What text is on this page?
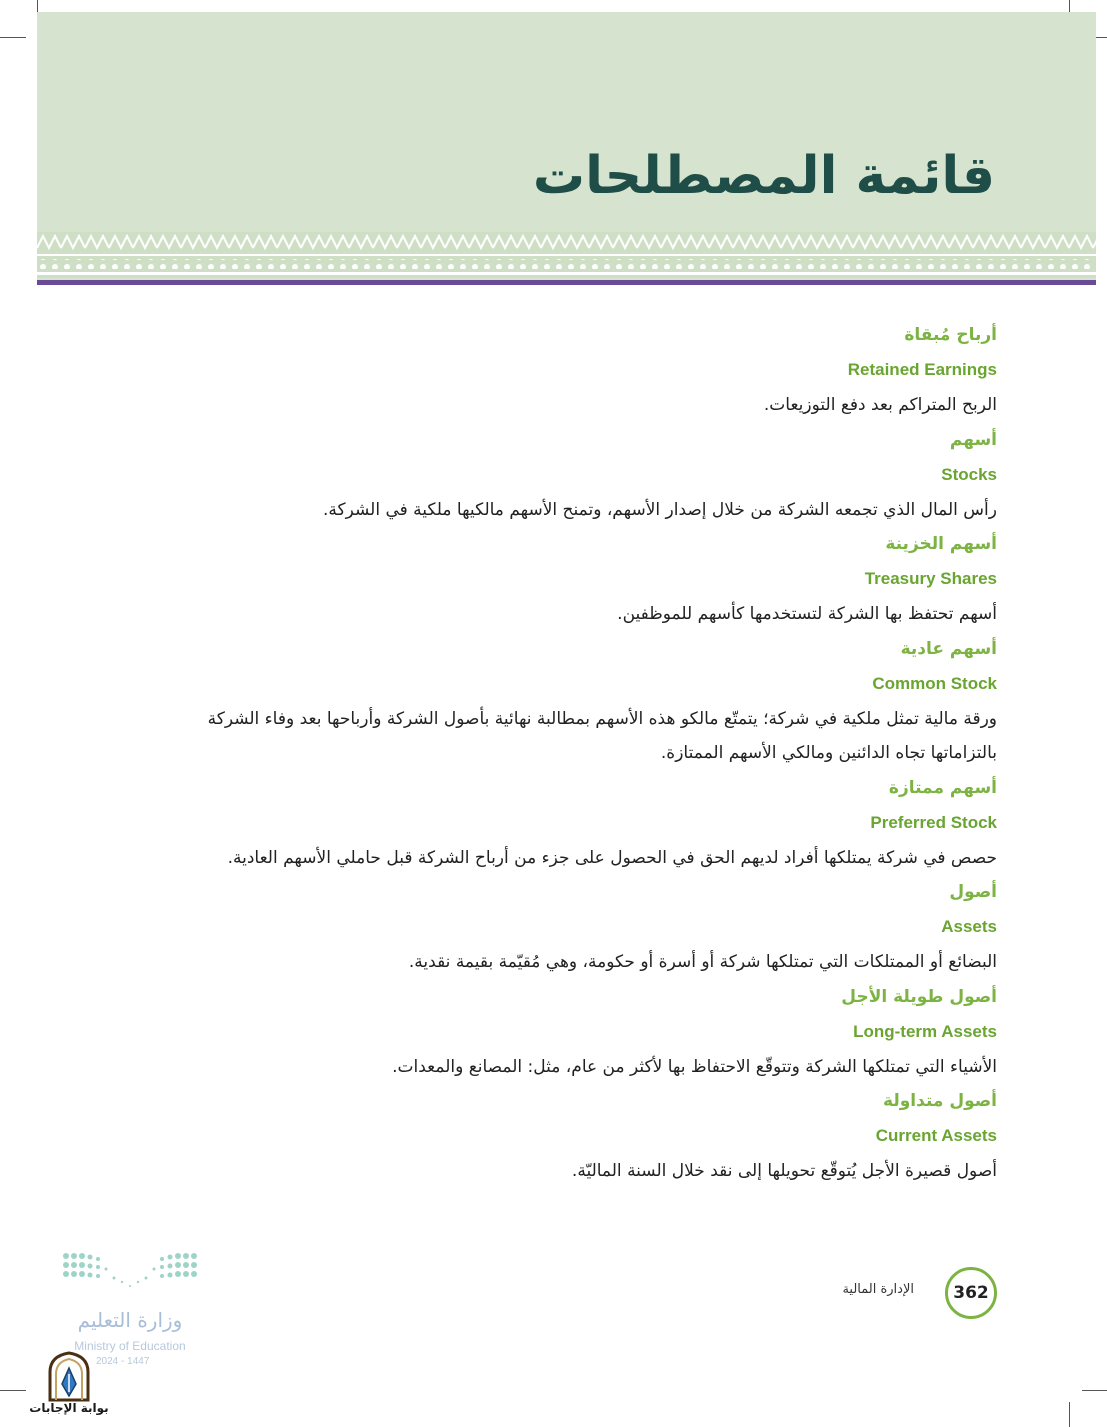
قائمة المصطلحات
أرباح مُبقاة
Retained Earnings
الربح المتراكم بعد دفع التوزيعات.
أسهم
Stocks
رأس المال الذي تجمعه الشركة من خلال إصدار الأسهم، وتمنح الأسهم مالكيها ملكية في الشركة.
أسهم الخزينة
Treasury Shares
أسهم تحتفظ بها الشركة لتستخدمها كأسهم للموظفين.
أسهم عادية
Common Stock
ورقة مالية تمثل ملكية في شركة؛ يتمتّع مالكو هذه الأسهم بمطالبة نهائية بأصول الشركة وأرباحها بعد وفاء الشركة
بالتزاماتها تجاه الدائنين ومالكي الأسهم الممتازة.
أسهم ممتازة
Preferred Stock
حصص في شركة يمتلكها أفراد لديهم الحق في الحصول على جزء من أرباح الشركة قبل حاملي الأسهم العادية.
أصول
Assets
البضائع أو الممتلكات التي تمتلكها شركة أو أسرة أو حكومة، وهي مُقيّمة بقيمة نقدية.
أصول طويلة الأجل
Long-term Assets
الأشياء التي تمتلكها الشركة وتتوقّع الاحتفاظ بها لأكثر من عام، مثل: المصانع والمعدات.
أصول متداولة
Current Assets
أصول قصيرة الأجل يُتوقّع تحويلها إلى نقد خلال السنة الماليّة.
362
الإدارة المالية
وزارة التعليم
Ministry of Education
2024 - 1447
بوابة الإجابات
